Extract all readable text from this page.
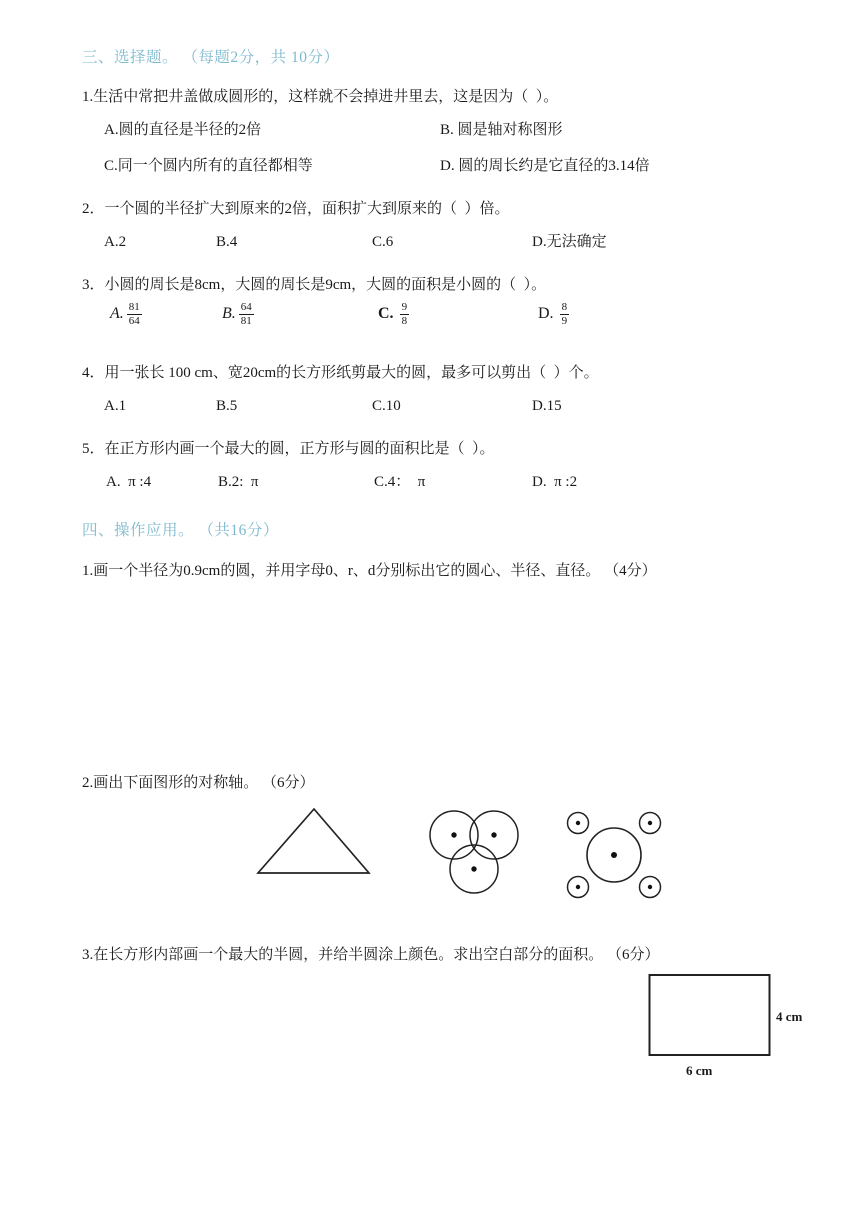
三、选择题。 （每题2分，共 10分）
1.生活中常把井盖做成圆形的，这样就不会掉进井里去，这是因为（  ）。
A.圆的直径是半径的2倍	B. 圆是轴对称图形
C.同一个圆内所有的直径都相等	D. 圆的周长约是它直径的3.14倍
2．一个圆的半径扩大到原来的2倍，面积扩大到原来的（  ）倍。
A.2	B.4	C.6	D.无法确定
3．小圆的周长是8cm，大圆的周长是9cm，大圆的面积是小圆的（  ）。
A. $\frac{81}{64}$	B. $\frac{64}{81}$	C. $\frac{9}{8}$	D. $\frac{8}{9}$
4．用一张长 100 cm、宽20cm的长方形纸剪最大的圆，最多可以剪出（  ）个。
A.1	B.5	C.10	D.15
5．在正方形内画一个最大的圆，正方形与圆的面积比是（  ）。
A.  π :4	B.2:  π	C.4：  π	D.  π :2
四、操作应用。 （共16分）
1.画一个半径为0.9cm的圆，并用字母0、r、d分别标出它的圆心、半径、直径。 （4分）
2.画出下面图形的对称轴。 （6分）
3.在长方形内部画一个最大的半圆，并给半圆涂上颜色。求出空白部分的面积。 （6分）
4 cm
6 cm
